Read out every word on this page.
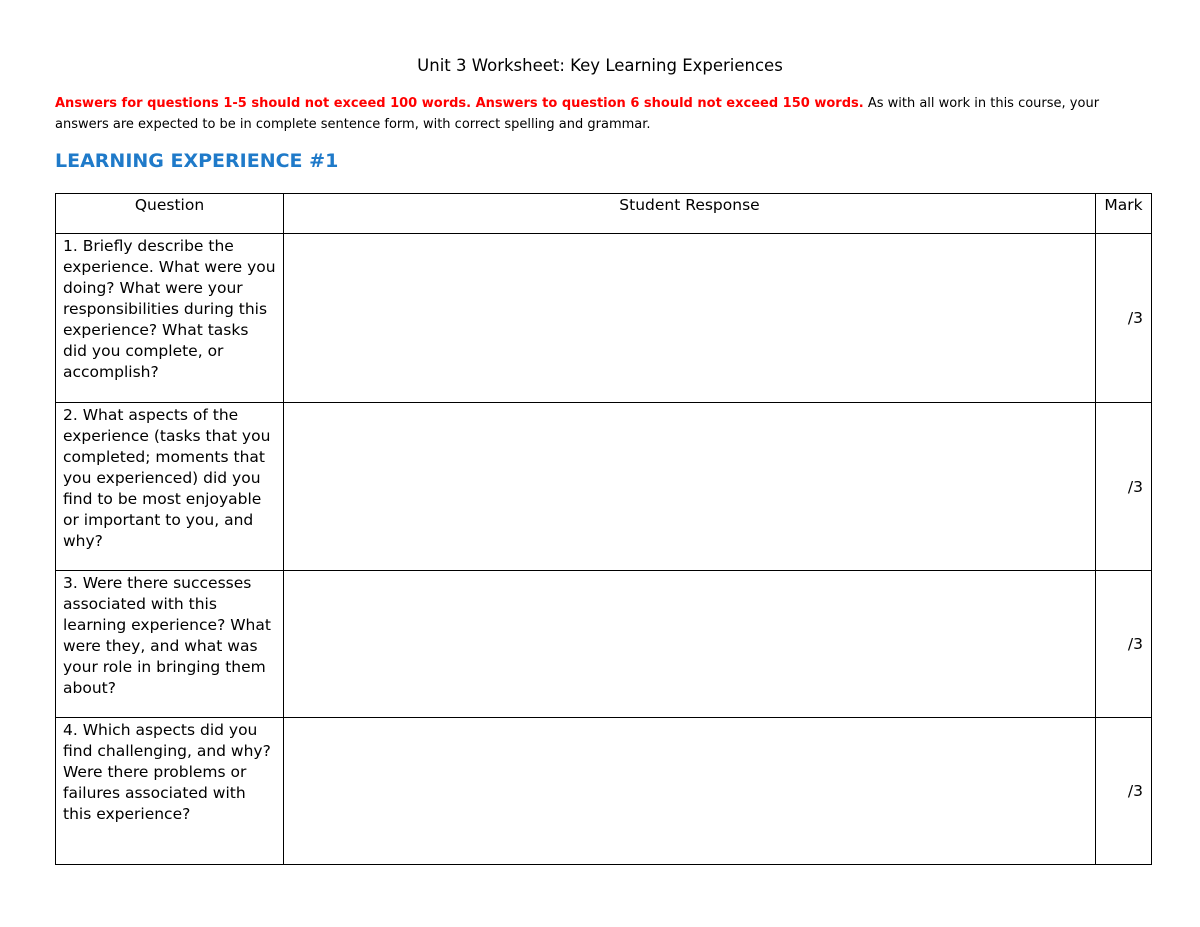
Unit 3 Worksheet: Key Learning Experiences
Answers for questions 1-5 should not exceed 100 words. Answers to question 6 should not exceed 150 words. As with all work in this course, your answers are expected to be in complete sentence form, with correct spelling and grammar.
LEARNING EXPERIENCE #1
Question	Student Response	Mark
1. Briefly describe the experience. What were you doing? What were your responsibilities during this experience? What tasks did you complete, or accomplish?		/3
2. What aspects of the experience (tasks that you completed; moments that you experienced) did you find to be most enjoyable or important to you, and why?		/3
3. Were there successes associated with this learning experience? What were they, and what was your role in bringing them about?		/3
4. Which aspects did you find challenging, and why? Were there problems or failures associated with this experience?		/3
